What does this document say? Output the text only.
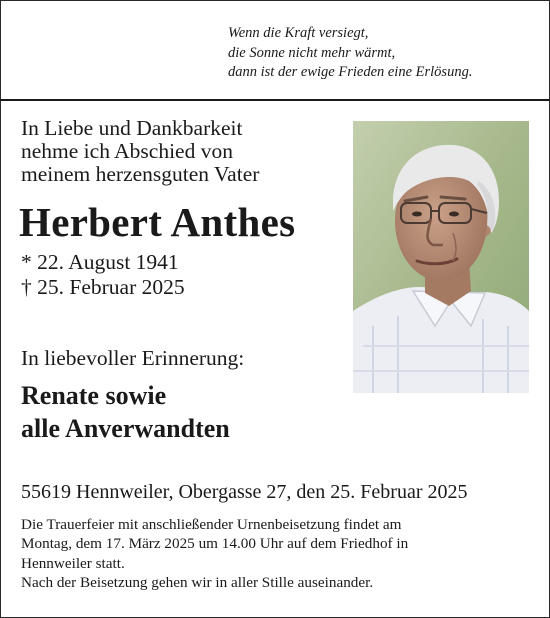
Wenn die Kraft versiegt,
die Sonne nicht mehr wärmt,
dann ist der ewige Frieden eine Erlösung.
In Liebe und Dankbarkeit
nehme ich Abschied von
meinem herzensguten Vater
Herbert Anthes
* 22. August 1941
† 25. Februar 2025
In liebevoller Erinnerung:
Renate sowie
alle Anverwandten
55619 Hennweiler, Obergasse 27, den 25. Februar 2025
Die Trauerfeier mit anschließender Urnenbeisetzung findet am
Montag, dem 17. März 2025 um 14.00 Uhr auf dem Friedhof in
Hennweiler statt.
Nach der Beisetzung gehen wir in aller Stille auseinander.
